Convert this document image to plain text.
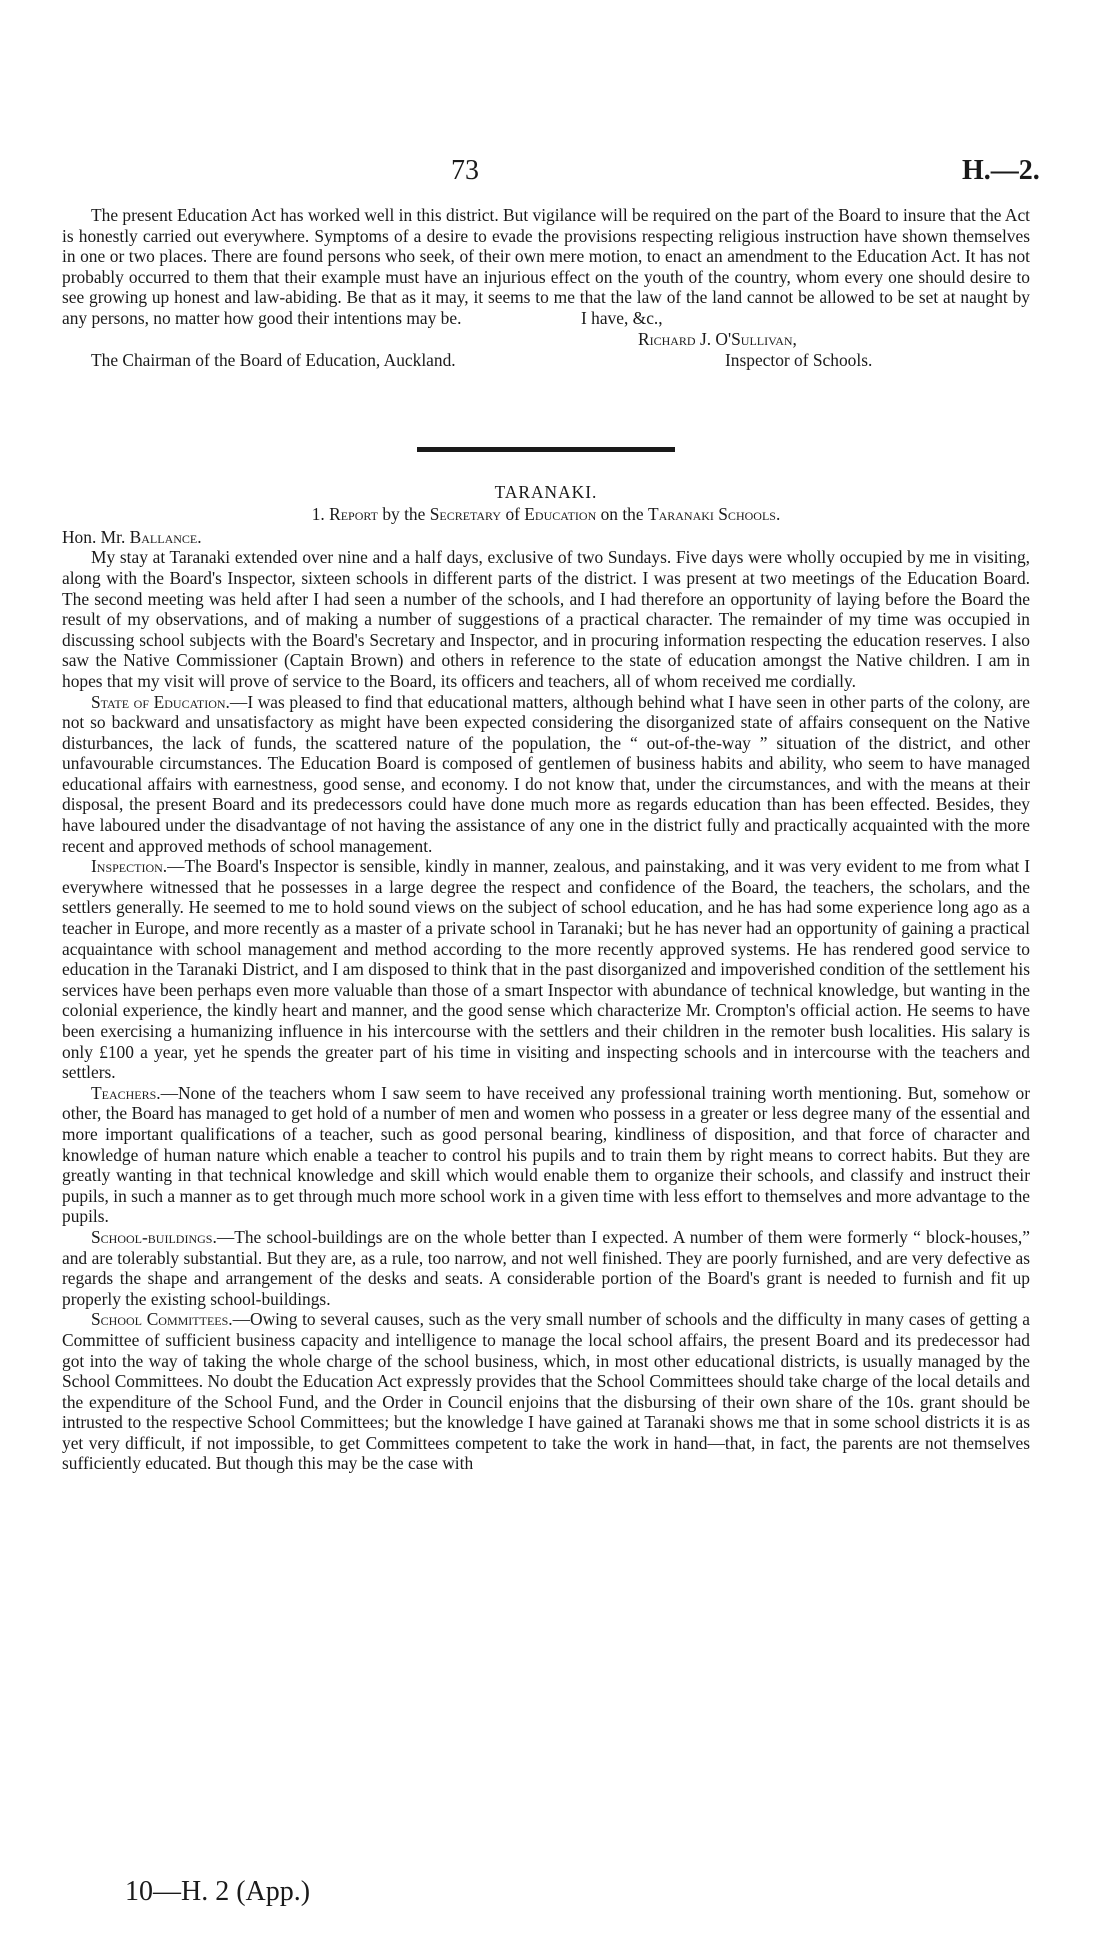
73	H.—2.

The present Education Act has worked well in this district. But vigilance will be required on the part of the Board to insure that the Act is honestly carried out everywhere. Symptoms of a desire to evade the provisions respecting religious instruction have shown themselves in one or two places. There are found persons who seek, of their own mere motion, to enact an amendment to the Education Act. It has not probably occurred to them that their example must have an injurious effect on the youth of the country, whom every one should desire to see growing up honest and law-abiding. Be that as it may, it seems to me that the law of the land cannot be allowed to be set at naught by any persons, no matter how good their intentions may be.	I have, &c.,
Richard J. O'Sullivan,
The Chairman of the Board of Education, Auckland.	Inspector of Schools.
TARANAKI.
1. Report by the Secretary of Education on the Taranaki Schools.
Hon. Mr. Ballance.

My stay at Taranaki extended over nine and a half days, exclusive of two Sundays. Five days were wholly occupied by me in visiting, along with the Board's Inspector, sixteen schools in different parts of the district. I was present at two meetings of the Education Board. The second meeting was held after I had seen a number of the schools, and I had therefore an opportunity of laying before the Board the result of my observations, and of making a number of suggestions of a practical character. The remainder of my time was occupied in discussing school subjects with the Board's Secretary and Inspector, and in procuring information respecting the education reserves. I also saw the Native Commissioner (Captain Brown) and others in reference to the state of education amongst the Native children. I am in hopes that my visit will prove of service to the Board, its officers and teachers, all of whom received me cordially.

State of Education.—I was pleased to find that educational matters, although behind what I have seen in other parts of the colony, are not so backward and unsatisfactory as might have been expected considering the disorganized state of affairs consequent on the Native disturbances, the lack of funds, the scattered nature of the population, the “ out-of-the-way ” situation of the district, and other unfavourable circumstances. The Education Board is composed of gentlemen of business habits and ability, who seem to have managed educational affairs with earnestness, good sense, and economy. I do not know that, under the circumstances, and with the means at their disposal, the present Board and its predecessors could have done much more as regards education than has been effected. Besides, they have laboured under the disadvantage of not having the assistance of any one in the district fully and practically acquainted with the more recent and approved methods of school management.

Inspection.—The Board's Inspector is sensible, kindly in manner, zealous, and painstaking, and it was very evident to me from what I everywhere witnessed that he possesses in a large degree the respect and confidence of the Board, the teachers, the scholars, and the settlers generally. He seemed to me to hold sound views on the subject of school education, and he has had some experience long ago as a teacher in Europe, and more recently as a master of a private school in Taranaki; but he has never had an opportunity of gaining a practical acquaintance with school management and method according to the more recently approved systems. He has rendered good service to education in the Taranaki District, and I am disposed to think that in the past disorganized and impoverished condition of the settlement his services have been perhaps even more valuable than those of a smart Inspector with abundance of technical knowledge, but wanting in the colonial experience, the kindly heart and manner, and the good sense which characterize Mr. Crompton's official action. He seems to have been exercising a humanizing influence in his intercourse with the settlers and their children in the remoter bush localities. His salary is only £100 a year, yet he spends the greater part of his time in visiting and inspecting schools and in intercourse with the teachers and settlers.

Teachers.—None of the teachers whom I saw seem to have received any professional training worth mentioning. But, somehow or other, the Board has managed to get hold of a number of men and women who possess in a greater or less degree many of the essential and more important qualifications of a teacher, such as good personal bearing, kindliness of disposition, and that force of character and knowledge of human nature which enable a teacher to control his pupils and to train them by right means to correct habits. But they are greatly wanting in that technical knowledge and skill which would enable them to organize their schools, and classify and instruct their pupils, in such a manner as to get through much more school work in a given time with less effort to themselves and more advantage to the pupils.

School-buildings.—The school-buildings are on the whole better than I expected. A number of them were formerly “ block-houses,” and are tolerably substantial. But they are, as a rule, too narrow, and not well finished. They are poorly furnished, and are very defective as regards the shape and arrangement of the desks and seats. A considerable portion of the Board's grant is needed to furnish and fit up properly the existing school-buildings.

School Committees.—Owing to several causes, such as the very small number of schools and the difficulty in many cases of getting a Committee of sufficient business capacity and intelligence to manage the local school affairs, the present Board and its predecessor had got into the way of taking the whole charge of the school business, which, in most other educational districts, is usually managed by the School Committees. No doubt the Education Act expressly provides that the School Committees should take charge of the local details and the expenditure of the School Fund, and the Order in Council enjoins that the disbursing of their own share of the 10s. grant should be intrusted to the respective School Committees; but the knowledge I have gained at Taranaki shows me that in some school districts it is as yet very difficult, if not impossible, to get Committees competent to take the work in hand—that, in fact, the parents are not themselves sufficiently educated. But though this may be the case with

10—H. 2 (App.)
